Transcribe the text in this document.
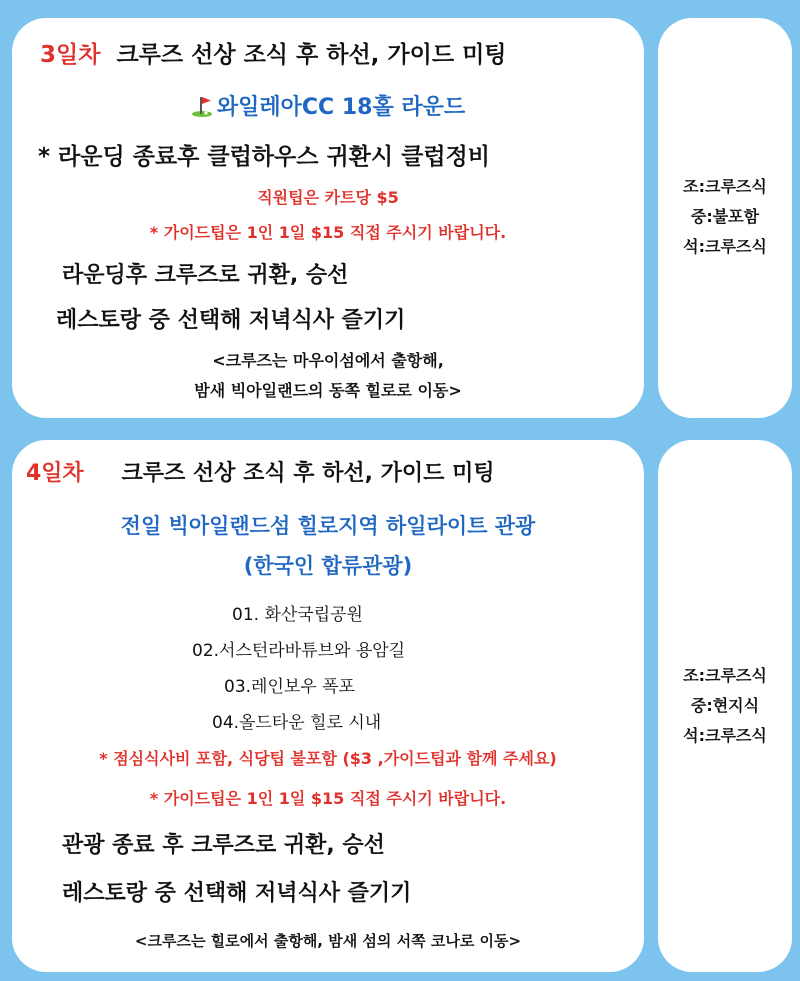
3일차 크루즈 선상 조식 후 하선, 가이드 미팅
와일레아CC 18홀 라운드
* 라운딩 종료후 클럽하우스 귀환시 클럽정비
직원팁은 카트당 $5
* 가이드팁은 1인 1일 $15 직접 주시기 바랍니다.
라운딩후 크루즈로 귀환, 승선
레스토랑 중 선택해 저녁식사 즐기기
<크루즈는 마우이섬에서 출항해,
밤새 빅아일랜드의 동쪽 힐로로 이동>
조:크루즈식
중:불포함
석:크루즈식
4일차 크루즈 선상 조식 후 하선, 가이드 미팅
전일 빅아일랜드섬 힐로지역 하일라이트 관광
(한국인 합류관광)
01. 화산국립공원
02.서스턴라바튜브와 용암길
03.레인보우 폭포
04.올드타운 힐로 시내
* 점심식사비 포함, 식당팁 불포함 ($3 ,가이드팁과 함께 주세요)
* 가이드팁은 1인 1일 $15 직접 주시기 바랍니다.
관광 종료 후 크루즈로 귀환, 승선
레스토랑 중 선택해 저녁식사 즐기기
<크루즈는 힐로에서 출항해, 밤새 섬의 서쪽 코나로 이동>
조:크루즈식
중:현지식
석:크루즈식
